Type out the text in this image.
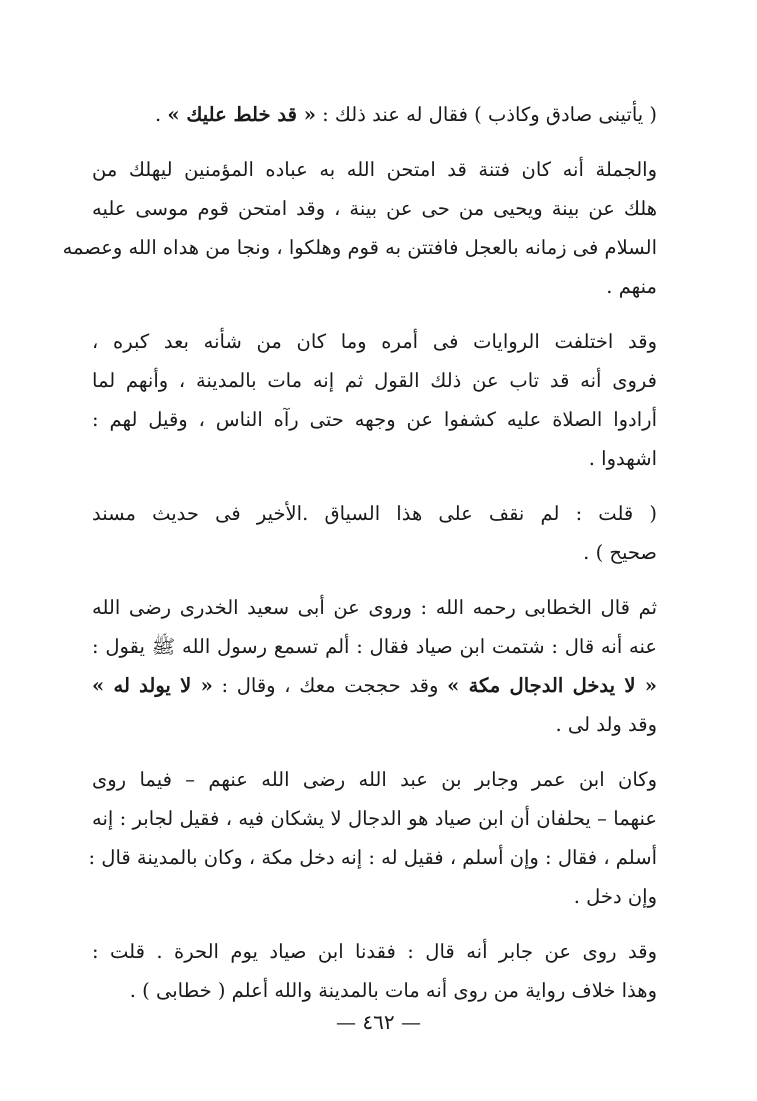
( يأتينى صادق وكاذب ) فقال له عند ذلك : « قد خلط عليك » .
والجملة أنه كان فتنة قد امتحن الله به عباده المؤمنين ليهلك من
هلك عن بينة ويحيى من حى عن بينة ، وقد امتحن قوم موسى عليه
السلام فى زمانه بالعجل فافتتن به قوم وهلكوا ، ونجا من هداه الله وعصمه
منهم .
وقد اختلفت الروايات فى أمره وما كان من شأنه بعد كبره ،
فروى أنه قد تاب عن ذلك القول ثم إنه مات بالمدينة ، وأنهم لما
أرادوا الصلاة عليه كشفوا عن وجهه حتى رآه الناس ، وقيل لهم :
اشهدوا .
( قلت : لم نقف على هذا السياق .الأخير فى حديث مسند
صحيح ) .
ثم قال الخطابى رحمه الله : وروى عن أبى سعيد الخدرى رضى الله
عنه أنه قال : شتمت ابن صياد فقال : ألم تسمع رسول الله ﷺ يقول :
« لا يدخل الدجال مكة » وقد حججت معك ، وقال : « لا يولد له »
وقد ولد لى .
وكان ابن عمر وجابر بن عبد الله رضى الله عنهم – فيما روى
عنهما – يحلفان أن ابن صياد هو الدجال لا يشكان فيه ، فقيل لجابر : إنه
أسلم ، فقال : وإن أسلم ، فقيل له : إنه دخل مكة ، وكان بالمدينة قال :
وإن دخل .
وقد روى عن جابر أنه قال : فقدنا ابن صياد يوم الحرة . قلت :
وهذا خلاف رواية من روى أنه مات بالمدينة والله أعلم ( خطابى ) .
— ٤٦٢ —
